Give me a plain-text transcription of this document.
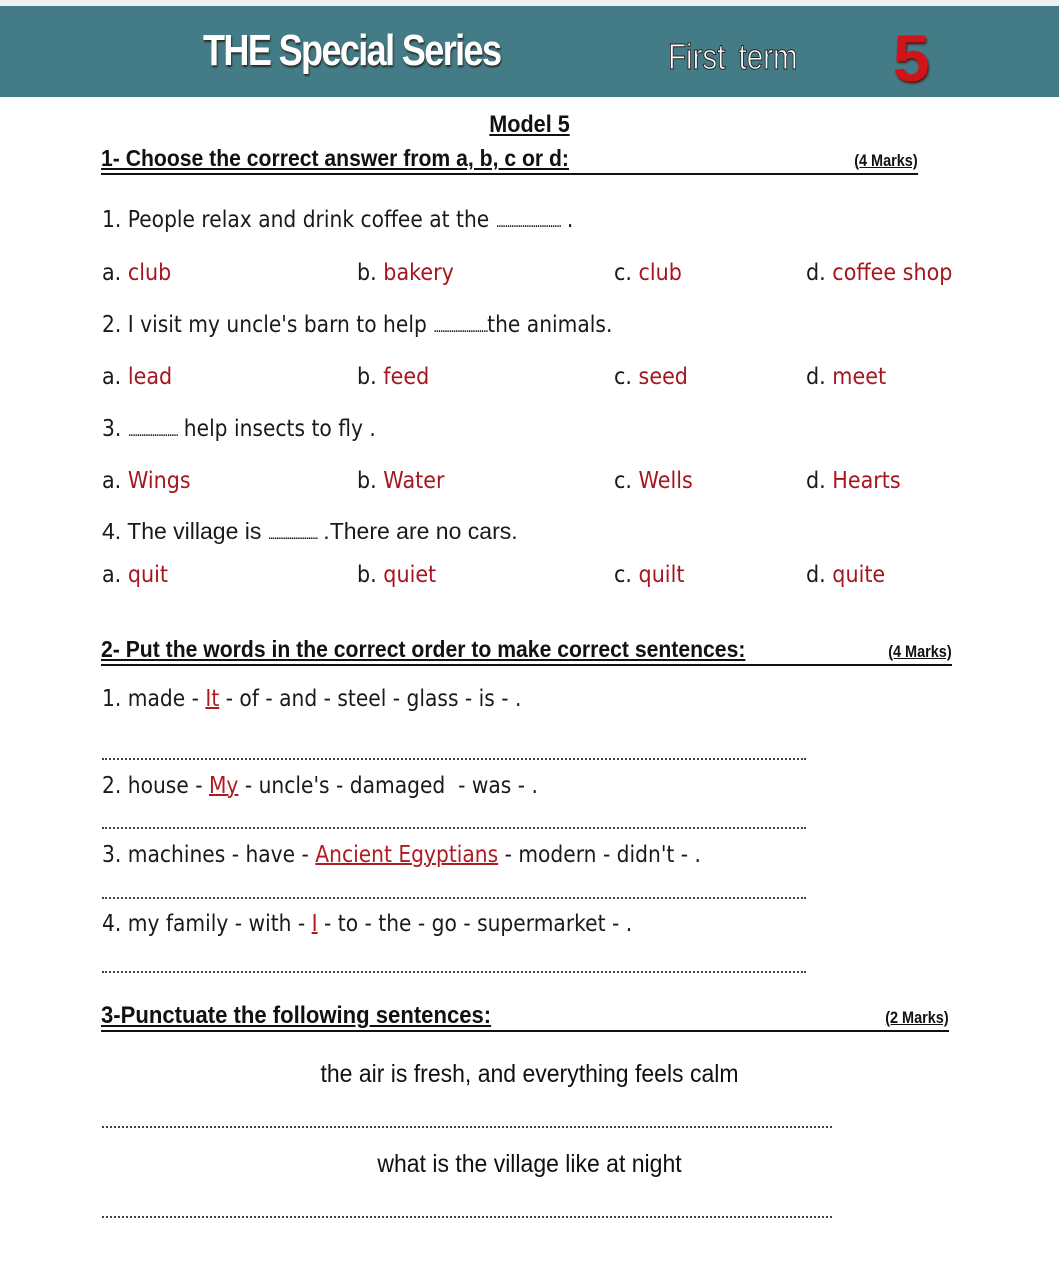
THE Special Series	First term 5
Model 5
1- Choose the correct answer from a, b, c or d:	(4 Marks)
1. People relax and drink coffee at the .............................. .
a. club	b. bakery	c. club	d. coffee shop
2. I visit my uncle's barn to help .........................the animals.
a. lead	b. feed	c. seed	d. meet
3. ....................... help insects to fly .
a. Wings	b. Water	c. Wells	d. Hearts
4. The village is .......................... .There are no cars.
a. quit	b. quiet	c. quilt	d. quite
2- Put the words in the correct order to make correct sentences:	(4 Marks)
1. made - It - of - and - steel - glass - is - .
2. house - My - uncle's - damaged  - was - .
3. machines - have - Ancient Egyptians - modern - didn't - .
4. my family - with - I - to - the - go - supermarket - .
3-Punctuate the following sentences:	(2 Marks)
the air is fresh, and everything feels calm
what is the village like at night
